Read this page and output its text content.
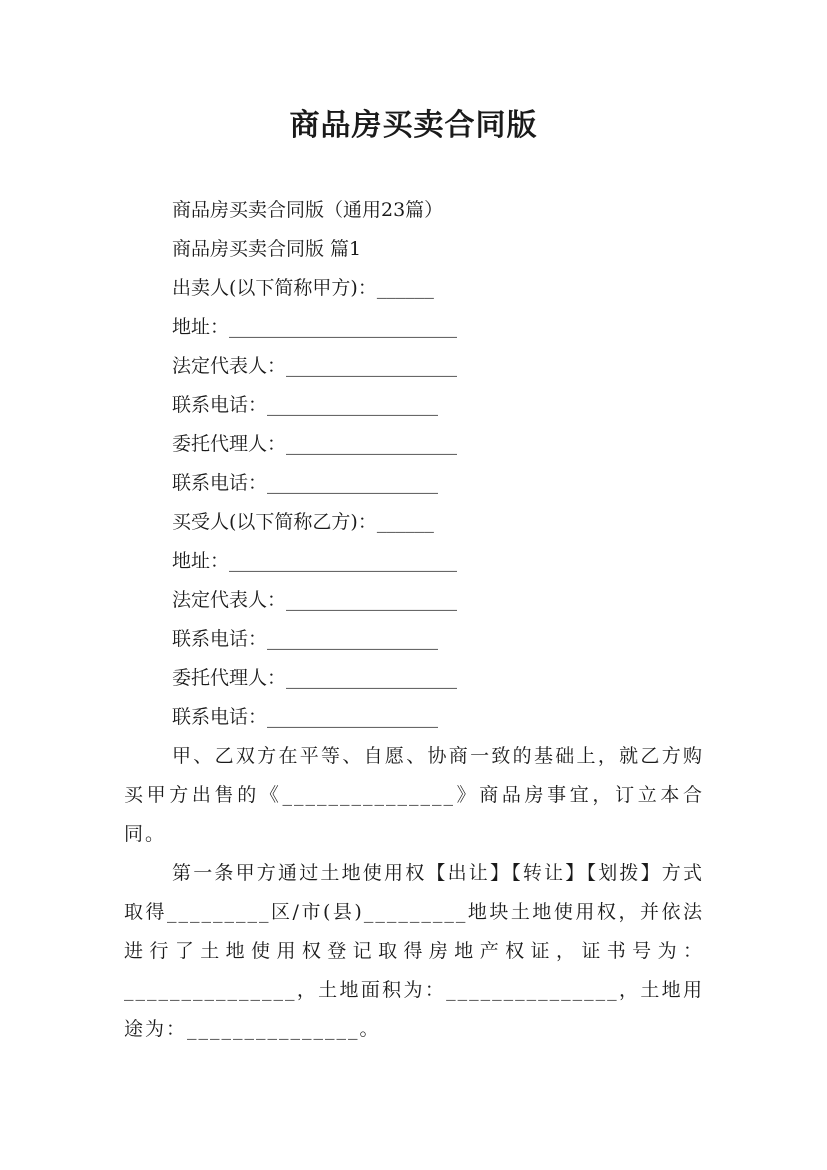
商品房买卖合同版

商品房买卖合同版（通用23篇）

商品房买卖合同版 篇1

出卖人(以下简称甲方)：______

地址：________________________

法定代表人：__________________

联系电话：__________________

委托代理人：__________________

联系电话：__________________

买受人(以下简称乙方)：______

地址：________________________

法定代表人：__________________

联系电话：__________________

委托代理人：__________________

联系电话：__________________

甲、乙双方在平等、自愿、协商一致的基础上，就乙方购买甲方出售的《_______________》商品房事宜，订立本合同。

第一条甲方通过土地使用权【出让】【转让】【划拨】方式取得_________区/市(县)_________地块土地使用权，并依法进行了土地使用权登记取得房地产权证，证书号为：_______________，土地面积为：_______________，土地用途为：_______________。
